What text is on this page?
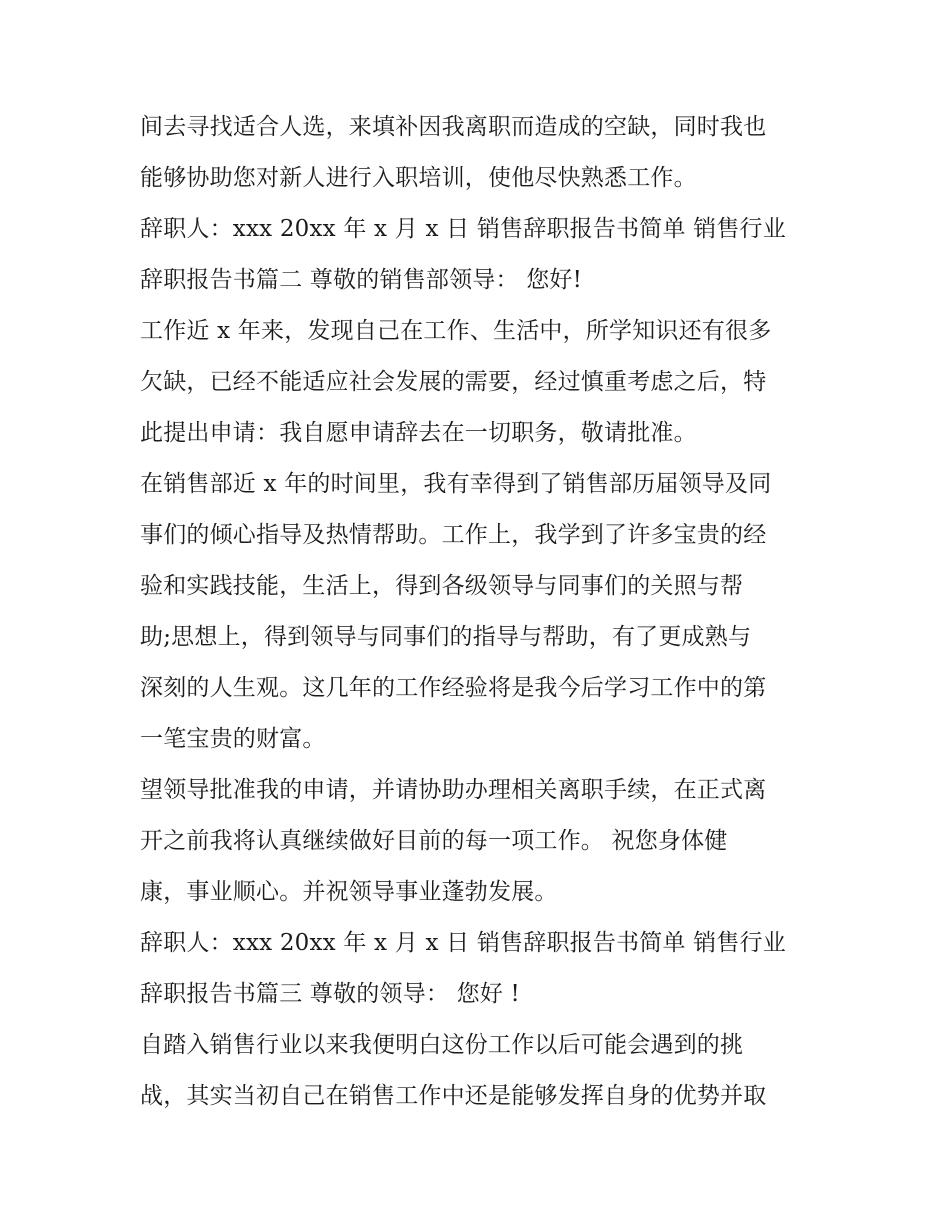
间去寻找适合人选，来填补因我离职而造成的空缺，同时我也
能够协助您对新人进行入职培训，使他尽快熟悉工作。
辞职人：xxx 20xx 年 x 月 x 日 销售辞职报告书简单 销售行业
辞职报告书篇二 尊敬的销售部领导： 您好!
工作近 x 年来，发现自己在工作、生活中，所学知识还有很多
欠缺，已经不能适应社会发展的需要，经过慎重考虑之后，特
此提出申请：我自愿申请辞去在一切职务，敬请批准。
在销售部近 x 年的时间里，我有幸得到了销售部历届领导及同
事们的倾心指导及热情帮助。工作上，我学到了许多宝贵的经
验和实践技能，生活上，得到各级领导与同事们的关照与帮
助;思想上，得到领导与同事们的指导与帮助，有了更成熟与
深刻的人生观。这几年的工作经验将是我今后学习工作中的第
一笔宝贵的财富。
望领导批准我的申请，并请协助办理相关离职手续，在正式离
开之前我将认真继续做好目前的每一项工作。 祝您身体健
康，事业顺心。并祝领导事业蓬勃发展。
辞职人：xxx 20xx 年 x 月 x 日 销售辞职报告书简单 销售行业
辞职报告书篇三 尊敬的领导： 您好 !
自踏入销售行业以来我便明白这份工作以后可能会遇到的挑
战，其实当初自己在销售工作中还是能够发挥自身的优势并取
